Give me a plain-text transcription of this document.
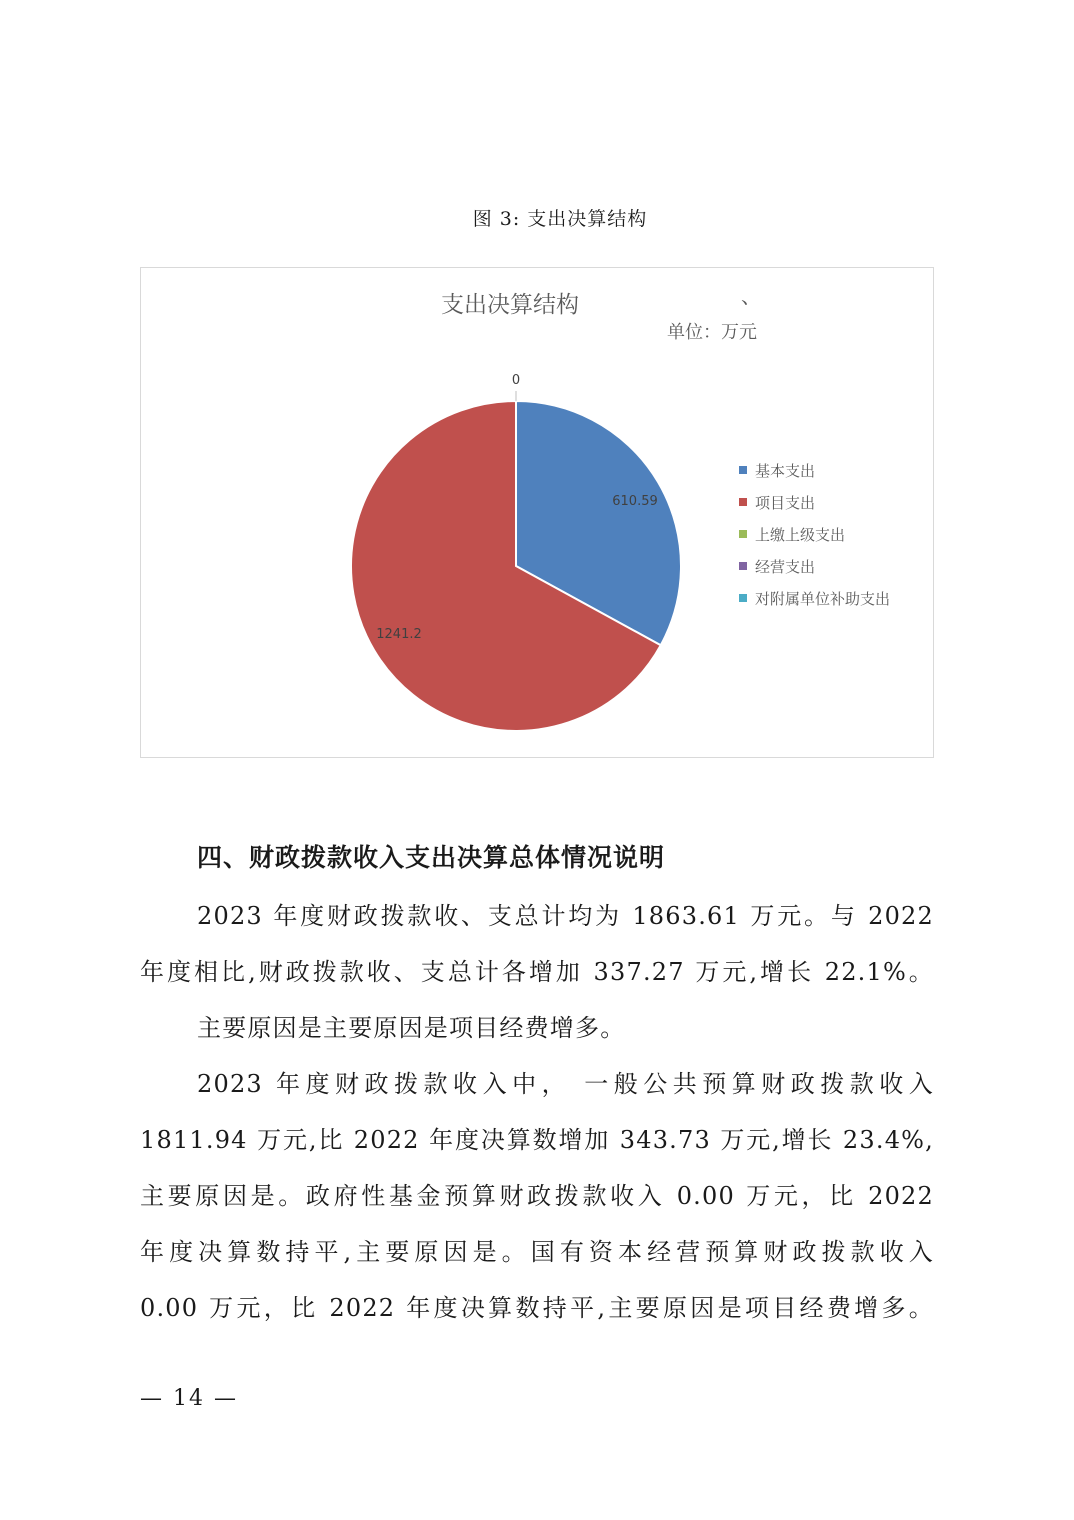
图 3: 支出决算结构
支出决算结构	、
单位：万元
610.59
1241.2
0
基本支出
项目支出
上缴上级支出
经营支出
对附属单位补助支出
四、财政拨款收入支出决算总体情况说明
2023 年度财政拨款收、支总计均为 1863.61 万元。与 2022
年度相比,财政拨款收、支总计各增加 337.27 万元,增长 22.1%。
主要原因是主要原因是项目经费增多。
2023 年度财政拨款收入中， 一般公共预算财政拨款收入
1811.94 万元,比 2022 年度决算数增加 343.73 万元,增长 23.4%,
主要原因是。政府性基金预算财政拨款收入 0.00 万元，比 2022
年度决算数持平,主要原因是。国有资本经营预算财政拨款收入
0.00 万元，比 2022 年度决算数持平,主要原因是项目经费增多。
— 14 —
